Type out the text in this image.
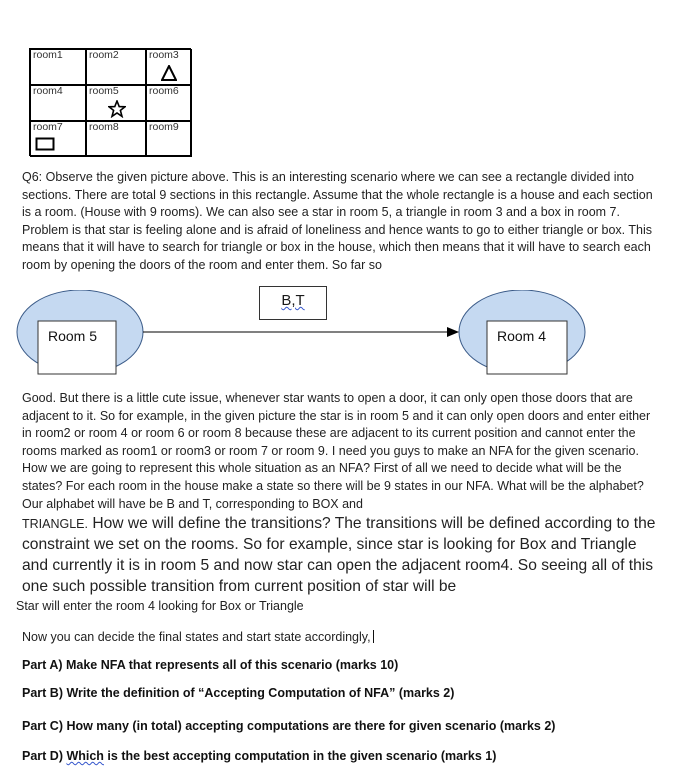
room1 room2	room3
room4 room5	room6
room7 room8	room9

Q6: Observe the given picture above. This is an interesting scenario where we can see a rectangle divided into sections. There are total 9 sections in this rectangle. Assume that the whole rectangle is a house and each section is a room. (House with 9 rooms). We can also see a star in room 5, a triangle in room 3 and a box in room 7. Problem is that star is feeling alone and is afraid of loneliness and hence wants to go to either triangle or box. This means that it will have to search for triangle or box in the house, which then means that it will have to search each room by opening the doors of the room and enter them. So far so

B,T
Room 5	Room 4

Good. But there is a little cute issue, whenever star wants to open a door, it can only open those doors that are adjacent to it. So for example, in the given picture the star is in room 5 and it can only open doors and enter either in room2 or room 4 or room 6 or room 8 because these are adjacent to its current position and cannot enter the rooms marked as room1 or room3 or room 7 or room 9. I need you guys to make an NFA for the given scenario. How we are going to represent this whole situation as an NFA? First of all we need to decide what will be the states? For each room in the house make a state so there will be 9 states in our NFA. What will be the alphabet? Our alphabet will have be B and T, corresponding to BOX and
TRIANGLE. How we will define the transitions? The transitions will be defined according to the constraint we set on the rooms. So for example, since star is looking for Box and Triangle and currently it is in room 5 and now star can open the adjacent room4. So seeing all of this one such possible transition from current position of star will be

Star will enter the room 4 looking for Box or Triangle
Now you can decide the final states and start state accordingly,
Part A) Make NFA that represents all of this scenario (marks 10)
Part B) Write the definition of “Accepting Computation of NFA” (marks 2)
Part C) How many (in total) accepting computations are there for given scenario (marks 2)
Part D) Which is the best accepting computation in the given scenario (marks 1)
